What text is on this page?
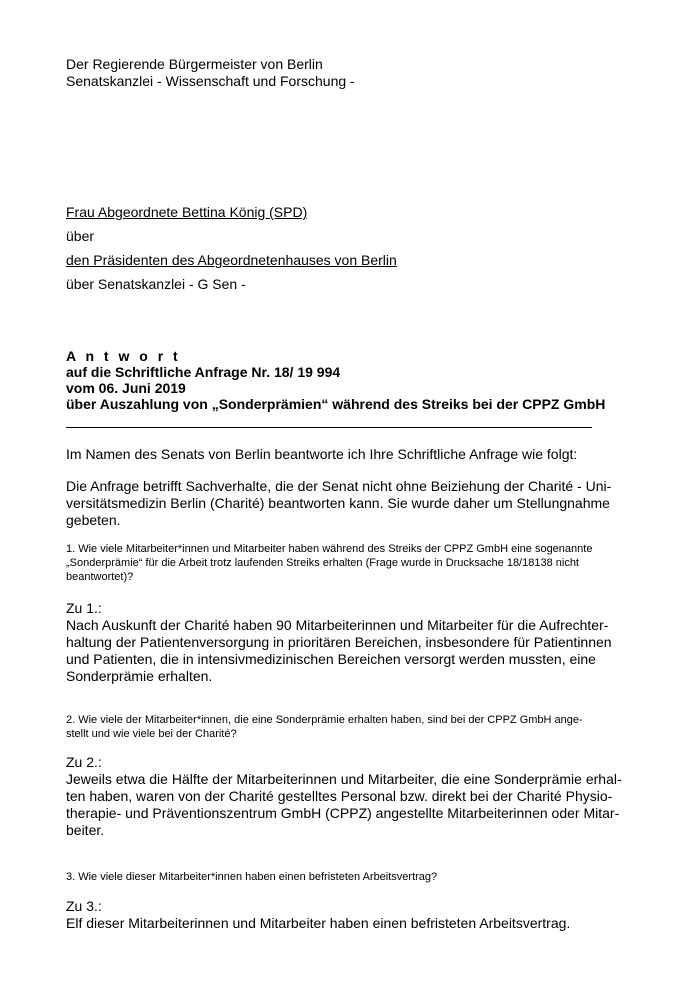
Der Regierende Bürgermeister von Berlin
Senatskanzlei - Wissenschaft und Forschung -
Frau Abgeordnete Bettina König (SPD)
über
den Präsidenten des Abgeordnetenhauses von Berlin
über Senatskanzlei - G Sen -
A n t w o r t
auf die Schriftliche Anfrage Nr. 18/ 19 994
vom 06. Juni 2019
über Auszahlung von „Sonderprämien“ während des Streiks bei der CPPZ GmbH
Im Namen des Senats von Berlin beantworte ich Ihre Schriftliche Anfrage wie folgt:
Die Anfrage betrifft Sachverhalte, die der Senat nicht ohne Beiziehung der Charité - Uni-
versitätsmedizin Berlin (Charité) beantworten kann. Sie wurde daher um Stellungnahme
gebeten.
1. Wie viele Mitarbeiter*innen und Mitarbeiter haben während des Streiks der CPPZ GmbH eine sogenannte
„Sonderprämie“ für die Arbeit trotz laufenden Streiks erhalten (Frage wurde in Drucksache 18/18138 nicht
beantwortet)?
Zu 1.:
Nach Auskunft der Charité haben 90 Mitarbeiterinnen und Mitarbeiter für die Aufrechter-
haltung der Patientenversorgung in prioritären Bereichen, insbesondere für Patientinnen
und Patienten, die in intensivmedizinischen Bereichen versorgt werden mussten, eine
Sonderprämie erhalten.
2. Wie viele der Mitarbeiter*innen, die eine Sonderprämie erhalten haben, sind bei der CPPZ GmbH ange-
stellt und wie viele bei der Charité?
Zu 2.:
Jeweils etwa die Hälfte der Mitarbeiterinnen und Mitarbeiter, die eine Sonderprämie erhal-
ten haben, waren von der Charité gestelltes Personal bzw. direkt bei der Charité Physio-
therapie- und Präventionszentrum GmbH (CPPZ) angestellte Mitarbeiterinnen oder Mitar-
beiter.
3. Wie viele dieser Mitarbeiter*innen haben einen befristeten Arbeitsvertrag?
Zu 3.:
Elf dieser Mitarbeiterinnen und Mitarbeiter haben einen befristeten Arbeitsvertrag.
